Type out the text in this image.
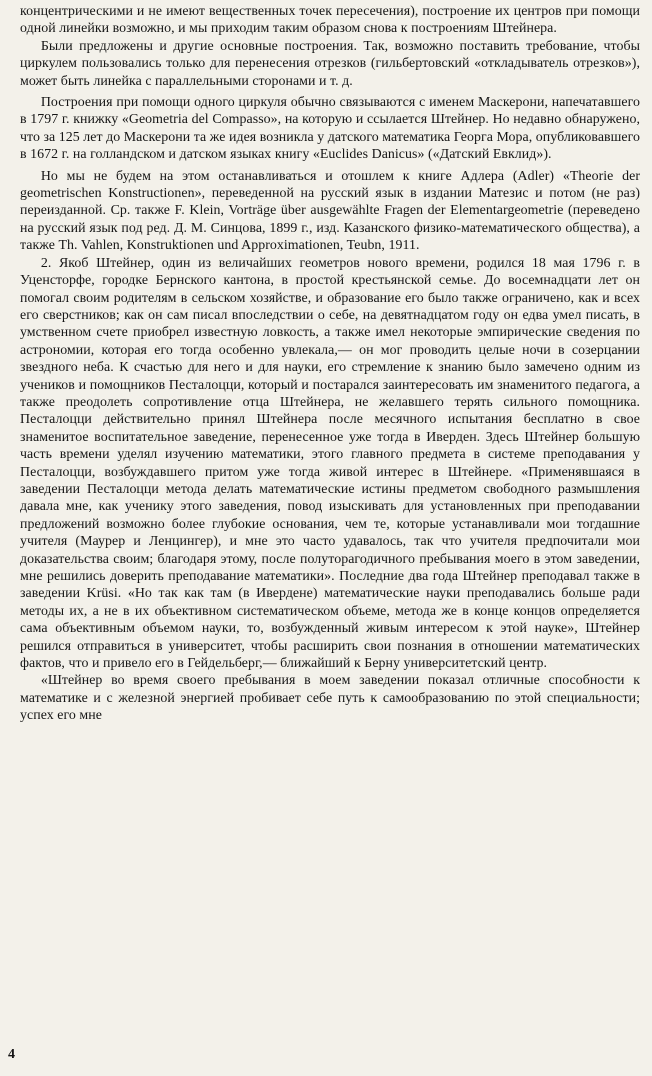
концентрическими и не имеют вещественных точек пересечения), построение их центров при помощи одной линейки возможно, и мы приходим таким образом снова к построениям Штейнера.

Были предложены и другие основные построения. Так, возможно поставить требование, чтобы циркулем пользовались только для перенесения отрезков (гильбертовский «откладыватель отрезков»), может быть линейка с параллельными сторонами и т. д.

Построения при помощи одного циркуля обычно связываются с именем Маскерони, напечатавшего в 1797 г. книжку «Geometria del Compasso», на которую и ссылается Штейнер. Но недавно обнаружено, что за 125 лет до Маскерони та же идея возникла у датского математика Георга Мора, опубликовавшего в 1672 г. на голландском и датском языках книгу «Euclides Danicus» («Датский Евклид»).

Но мы не будем на этом останавливаться и отошлем к книге Адлера (Adler) «Theorie der geometrischen Konstructionen», переведенной на русский язык в издании Матезис и потом (не раз) переизданной. Ср. также F. Klein, Vorträge über ausgewählte Fragen der Elementargeometrie (переведено на русский язык под ред. Д. М. Синцова, 1899 г., изд. Казанского физико-математического общества), а также Th. Vahlen, Konstruktionen und Approximationen, Teubn, 1911.

2. Якоб Штейнер, один из величайших геометров нового времени, родился 18 мая 1796 г. в Уценсторфе, городке Бернского кантона, в простой крестьянской семье. До восемнадцати лет он помогал своим родителям в сельском хозяйстве, и образование его было также ограничено, как и всех его сверстников; как он сам писал впоследствии о себе, на девятнадцатом году он едва умел писать, в умственном счете приобрел известную ловкость, а также имел некоторые эмпирические сведения по астрономии, которая его тогда особенно увлекала,— он мог проводить целые ночи в созерцании звездного неба. К счастью для него и для науки, его стремление к знанию было замечено одним из учеников и помощников Песталоцци, который и постарался заинтересовать им знаменитого педагога, а также преодолеть сопротивление отца Штейнера, не желавшего терять сильного помощника. Песталоцци действительно принял Штейнера после месячного испытания бесплатно в свое знаменитое воспитательное заведение, перенесенное уже тогда в Иверден. Здесь Штейнер большую часть времени уделял изучению математики, этого главного предмета в системе преподавания у Песталоцци, возбуждавшего притом уже тогда живой интерес в Штейнере. «Применявшаяся в заведении Песталоцци метода делать математические истины предметом свободного размышления давала мне, как ученику этого заведения, повод изыскивать для установленных при преподавании предложений возможно более глубокие основания, чем те, которые устанавливали мои тогдашние учителя (Маурер и Ленцингер), и мне это часто удавалось, так что учителя предпочитали мои доказательства своим; благодаря этому, после полуторагодичного пребывания моего в этом заведении, мне решились доверить преподавание математики». Последние два года Штейнер преподавал также в заведении Krüsi. «Но так как там (в Ивердене) математические науки преподавались больше ради методы их, а не в их объективном систематическом объеме, метода же в конце концов определяется сама объективным объемом науки, то, возбужденный живым интересом к этой науке», Штейнер решился отправиться в университет, чтобы расширить свои познания в отношении математических фактов, что и привело его в Гейдельберг,— ближайший к Берну университетский центр.

«Штейнер во время своего пребывания в моем заведении показал отличные способности к математике и с железной энергией пробивает себе путь к самообразованию по этой специальности; успех его мне

4
